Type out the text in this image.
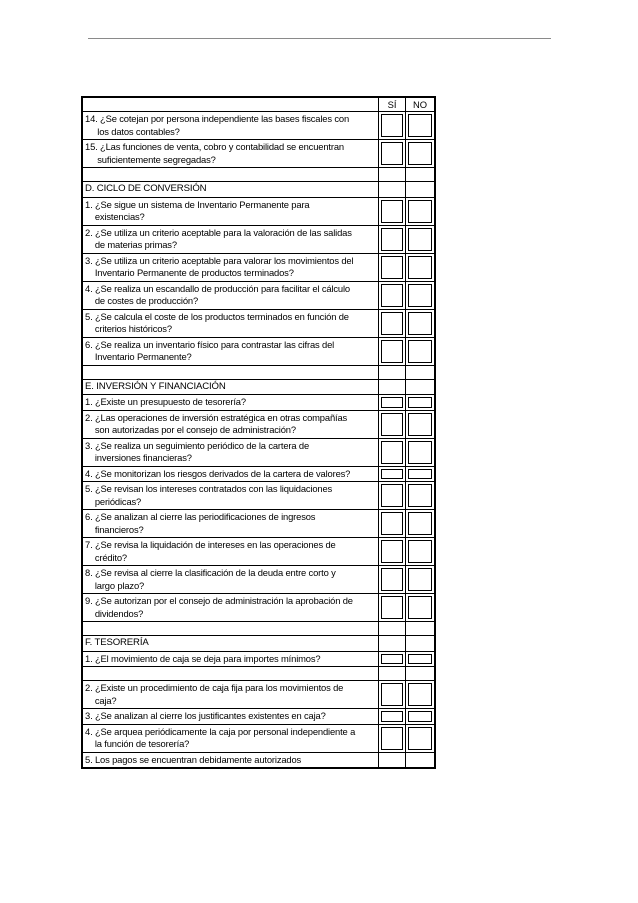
SÍ	NO
14. ¿Se cotejan por persona independiente las bases fiscales con
los datos contables?
15. ¿Las funciones de venta, cobro y contabilidad se encuentran
suficientemente segregadas?
D. CICLO DE CONVERSIÓN
1. ¿Se sigue un sistema de Inventario Permanente para
existencias?
2. ¿Se utiliza un criterio aceptable para la valoración de las salidas
de materias primas?
3. ¿Se utiliza un criterio aceptable para valorar los movimientos del
Inventario Permanente de productos terminados?
4. ¿Se realiza un escandallo de producción para facilitar el cálculo
de costes de producción?
5. ¿Se calcula el coste de los productos terminados en función de
criterios históricos?
6. ¿Se realiza un inventario físico para contrastar las cifras del
Inventario Permanente?
E. INVERSIÓN Y FINANCIACIÓN
1. ¿Existe un presupuesto de tesorería?
2. ¿Las operaciones de inversión estratégica en otras compañías
son autorizadas por el consejo de administración?
3. ¿Se realiza un seguimiento periódico de la cartera de
inversiones financieras?
4. ¿Se monitorizan los riesgos derivados de la cartera de valores?
5. ¿Se revisan los intereses contratados con las liquidaciones
periódicas?
6. ¿Se analizan al cierre las periodificaciones de ingresos
financieros?
7. ¿Se revisa la liquidación de intereses en las operaciones de
crédito?
8. ¿Se revisa al cierre la clasificación de la deuda entre corto y
largo plazo?
9. ¿Se autorizan por el consejo de administración la aprobación de
dividendos?
F. TESORERÍA
1. ¿El movimiento de caja se deja para importes mínimos?
2. ¿Existe un procedimiento de caja fija para los movimientos de
caja?
3. ¿Se analizan al cierre los justificantes existentes en caja?
4. ¿Se arquea periódicamente la caja por personal independiente a
la función de tesorería?
5. Los pagos se encuentran debidamente autorizados
